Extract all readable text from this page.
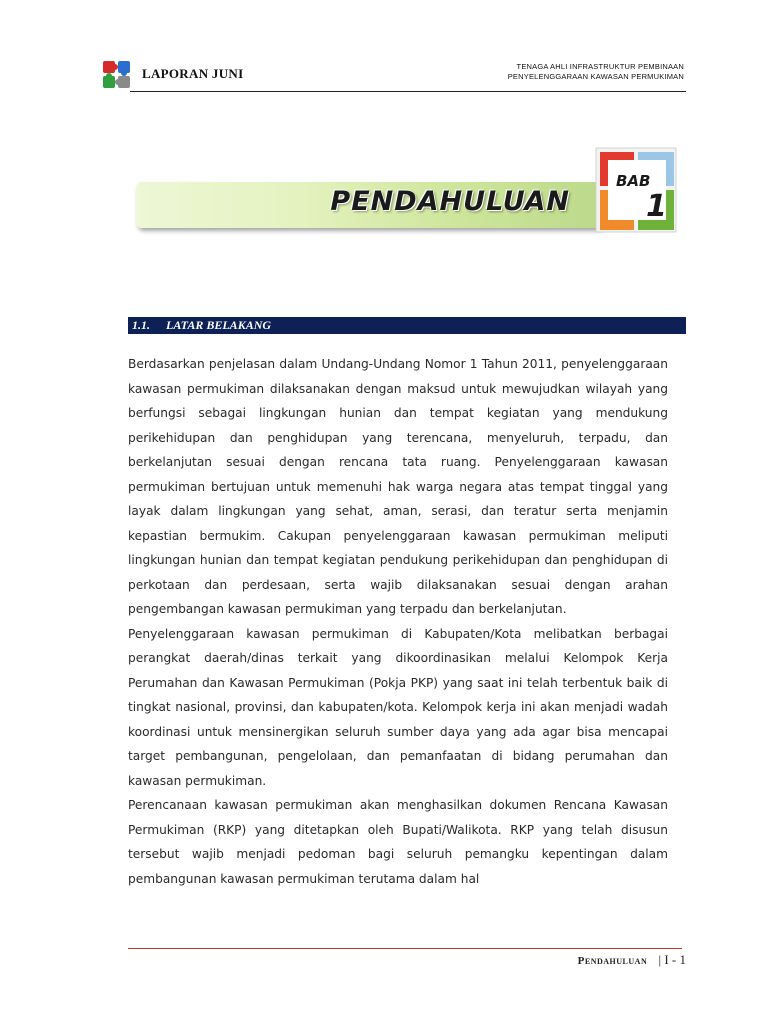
LAPORAN JUNI	TENAGA AHLI INFRASTRUKTUR PEMBINAAN
PENYELENGGARAAN KAWASAN PERMUKIMAN
PENDAHULUAN
BAB
1
1.1. LATAR BELAKANG

Berdasarkan penjelasan dalam Undang-Undang Nomor 1 Tahun 2011, penyelenggaraan kawasan permukiman dilaksanakan dengan maksud untuk mewujudkan wilayah yang berfungsi sebagai lingkungan hunian dan tempat kegiatan yang mendukung perikehidupan dan penghidupan yang terencana, menyeluruh, terpadu, dan berkelanjutan sesuai dengan rencana tata ruang. Penyelenggaraan kawasan permukiman bertujuan untuk memenuhi hak warga negara atas tempat tinggal yang layak dalam lingkungan yang sehat, aman, serasi, dan teratur serta menjamin kepastian bermukim. Cakupan penyelenggaraan kawasan permukiman meliputi lingkungan hunian dan tempat kegiatan pendukung perikehidupan dan penghidupan di perkotaan dan perdesaan, serta wajib dilaksanakan sesuai dengan arahan pengembangan kawasan permukiman yang terpadu dan berkelanjutan.

Penyelenggaraan kawasan permukiman di Kabupaten/Kota melibatkan berbagai perangkat daerah/dinas terkait yang dikoordinasikan melalui Kelompok Kerja Perumahan dan Kawasan Permukiman (Pokja PKP) yang saat ini telah terbentuk baik di tingkat nasional, provinsi, dan kabupaten/kota. Kelompok kerja ini akan menjadi wadah koordinasi untuk mensinergikan seluruh sumber daya yang ada agar bisa mencapai target pembangunan, pengelolaan, dan pemanfaatan di bidang perumahan dan kawasan permukiman.

Perencanaan kawasan permukiman akan menghasilkan dokumen Rencana Kawasan Permukiman (RKP) yang ditetapkan oleh Bupati/Walikota. RKP yang telah disusun tersebut wajib menjadi pedoman bagi seluruh pemangku kepentingan dalam pembangunan kawasan permukiman terutama dalam hal

Pendahuluan | I - 1
